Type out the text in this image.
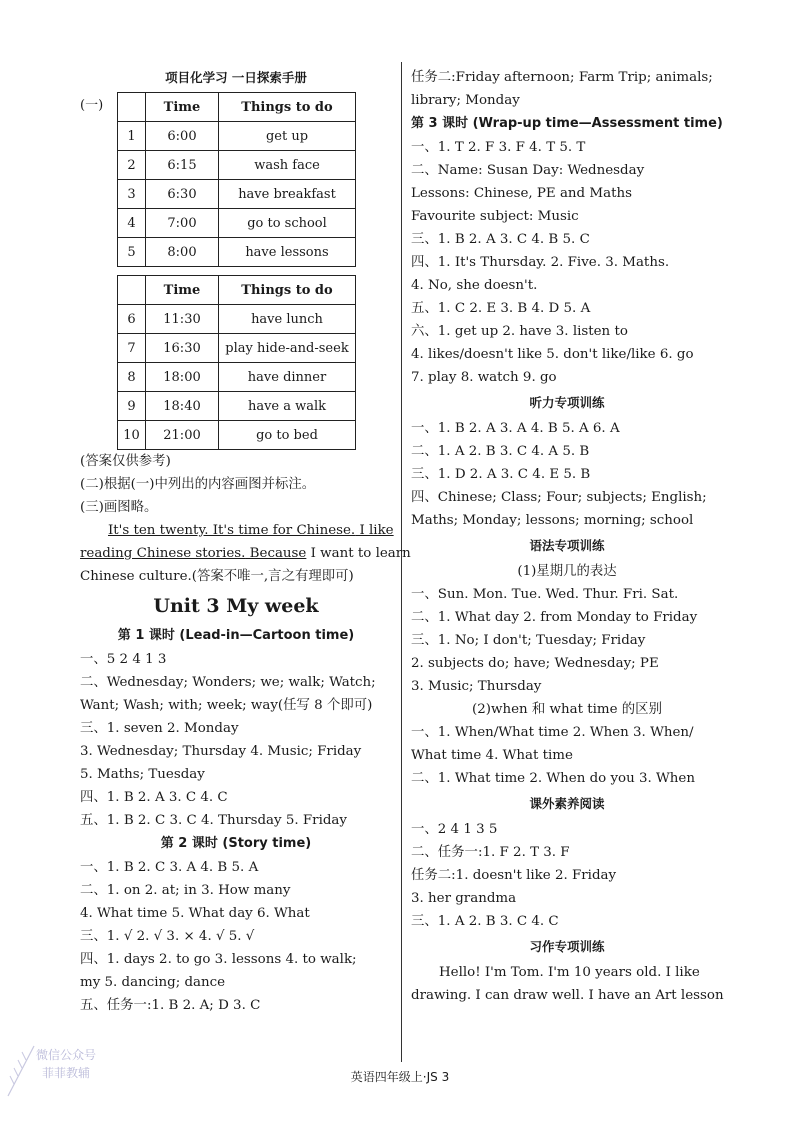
项目化学习 一日探索手册
(一)
		Time	Things to do
1	6:00	get up
2	6:15	wash face
3	6:30	have breakfast
4	7:00	go to school
5	8:00	have lessons
	Time	Things to do
6	11:30	have lunch
7	16:30	play hide-and-seek
8	18:00	have dinner
9	18:40	have a walk
10	21:00	go to bed
(答案仅供参考)
(二)根据(一)中列出的内容画图并标注。
(三)画图略。
It's ten twenty. It's time for Chinese. I like
reading Chinese stories. Because I want to learn
Chinese culture.(答案不唯一,言之有理即可)
Unit 3 My week
第 1 课时 (Lead-in—Cartoon time)
一、5 2 4 1 3
二、Wednesday; Wonders; we; walk; Watch;
Want; Wash; with; week; way(任写 8 个即可)
三、1. seven 2. Monday
3. Wednesday; Thursday 4. Music; Friday
5. Maths; Tuesday
四、1. B 2. A 3. C 4. C
五、1. B 2. C 3. C 4. Thursday 5. Friday
第 2 课时 (Story time)
一、1. B 2. C 3. A 4. B 5. A
二、1. on 2. at; in 3. How many
4. What time 5. What day 6. What
三、1. √ 2. √ 3. × 4. √ 5. √
四、1. days 2. to go 3. lessons 4. to walk;
my 5. dancing; dance
五、任务一:1. B 2. A; D 3. C
任务二:Friday afternoon; Farm Trip; animals;
library; Monday
第 3 课时 (Wrap-up time—Assessment time)
一、1. T 2. F 3. F 4. T 5. T
二、Name: Susan Day: Wednesday
Lessons: Chinese, PE and Maths
Favourite subject: Music
三、1. B 2. A 3. C 4. B 5. C
四、1. It's Thursday. 2. Five. 3. Maths.
4. No, she doesn't.
五、1. C 2. E 3. B 4. D 5. A
六、1. get up 2. have 3. listen to
4. likes/doesn't like 5. don't like/like 6. go
7. play 8. watch 9. go
听力专项训练
一、1. B 2. A 3. A 4. B 5. A 6. A
二、1. A 2. B 3. C 4. A 5. B
三、1. D 2. A 3. C 4. E 5. B
四、Chinese; Class; Four; subjects; English;
Maths; Monday; lessons; morning; school
语法专项训练
(1)星期几的表达
一、Sun. Mon. Tue. Wed. Thur. Fri. Sat.
二、1. What day 2. from Monday to Friday
三、1. No; I don't; Tuesday; Friday
2. subjects do; have; Wednesday; PE
3. Music; Thursday
(2)when 和 what time 的区别
一、1. When/What time 2. When 3. When/
What time 4. What time
二、1. What time 2. When do you 3. When
课外素养阅读
一、2 4 1 3 5
二、任务一:1. F 2. T 3. F
任务二:1. doesn't like 2. Friday
3. her grandma
三、1. A 2. B 3. C 4. C
习作专项训练
Hello! I'm Tom. I'm 10 years old. I like
drawing. I can draw well. I have an Art lesson
英语四年级上·JS 3
微信公众号
菲菲教辅
